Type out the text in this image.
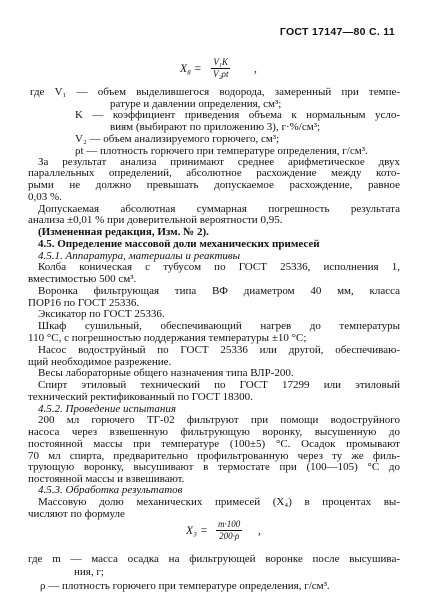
ГОСТ 17147—80 С. 11
$X_8 = \frac{\text{V₁K}}{\text{V₂ρt}}$ ,
где V₁ — объем выделившегося водорода, замеренный при темпе-
ратуре и давлении определения, см³;
K — коэффициент приведения объема к нормальным усло-
виям (выбирают по приложению 3), г·%/см³;
V₂ — объем анализируемого горючего, см³;
ρt — плотность горючего при температуре определения, г/см³.
За результат анализа принимают среднее арифметическое двух
параллельных определений, абсолютное расхождение между кото-
рыми не должно превышать допускаемое расхождение, равное
0,03 %.
Допускаемая абсолютная суммарная погрешность результата
анализа ±0,01 % при доверительной вероятности 0,95.
(Измененная редакция, Изм. № 2).
4.5. Определение массовой доли механических примесей
4.5.1. Аппаратура, материалы и реактивы
Колба коническая с тубусом по ГОСТ 25336, исполнения 1,
вместимостью 500 см³.
Воронка фильтрующая типа ВФ диаметром 40 мм, класса
ПОР16 по ГОСТ 25336.
Эксикатор по ГОСТ 25336.
Шкаф сушильный, обеспечивающий нагрев до температуры
110 °С, с погрешностью поддержания температуры ±10 °С;
Насос водоструйный по ГОСТ 25336 или другой, обеспечиваю-
щий необходимое разрежение.
Весы лабораторные общего назначения типа ВЛР-200.
Спирт этиловый технический по ГОСТ 17299 или этиловый
технический ректификованный по ГОСТ 18300.
4.5.2. Проведение испытания
200 мл горючего ТГ-02 фильтруют при помощи водоструйного
насоса через взвешенную фильтрующую воронку, высушенную до
постоянной массы при температуре (100±5) °С. Осадок промывают
70 мл спирта, предварительно профильтрованную через ту же филь-
трующую воронку, высушивают в термостате при (100—105) °С до
постоянной массы и взвешивают.
4.5.3. Обработка результатов
Массовую долю механических примесей (X₄) в процентах вы-
числяют по формуле
$X_3 = \frac{m\cdot 100}{200\cdot\rho}$ ,
где m — масса осадка на фильтрующей воронке после высушива-
ния, г;
ρ — плотность горючего при температуре определения, г/см³.
